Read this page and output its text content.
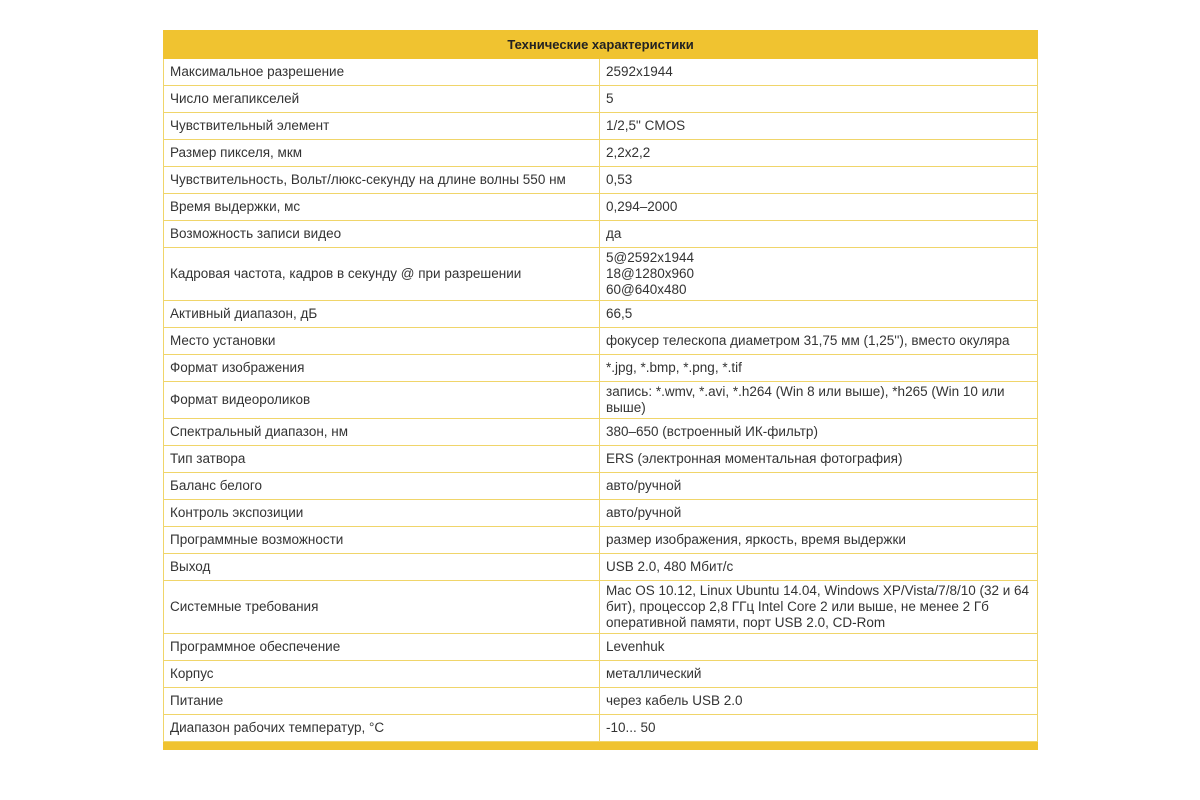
Технические характеристики	
Максимальное разрешение	2592x1944
Число мегапикселей	5
Чувствительный элемент	1/2,5" CMOS
Размер пикселя, мкм	2,2x2,2
Чувствительность, Вольт/люкс-секунду на длине волны 550 нм	0,53
Время выдержки, мс	0,294–2000
Возможность записи видео	да
Кадровая частота, кадров в секунду @ при разрешении	5@2592x1944
18@1280x960
60@640x480
Активный диапазон, дБ	66,5
Место установки	фокусер телескопа диаметром 31,75 мм (1,25''), вместо окуляра
Формат изображения	*.jpg, *.bmp, *.png, *.tif
Формат видеороликов	запись: *.wmv, *.avi, *.h264 (Win 8 или выше), *h265 (Win 10 или выше)
Спектральный диапазон, нм	380–650 (встроенный ИК-фильтр)
Тип затвора	ERS (электронная моментальная фотография)
Баланс белого	авто/ручной
Контроль экспозиции	авто/ручной
Программные возможности	размер изображения, яркость, время выдержки
Выход	USB 2.0, 480 Мбит/с
Системные требования	Mac OS 10.12, Linux Ubuntu 14.04, Windows XP/Vista/7/8/10 (32 и 64 бит), процессор 2,8 ГГц Intel Core 2 или выше, не менее 2 Гб оперативной памяти, порт USB 2.0, CD-Rom
Программное обеспечение	Levenhuk
Корпус	металлический
Питание	через кабель USB 2.0
Диапазон рабочих температур, °С	-10... 50
